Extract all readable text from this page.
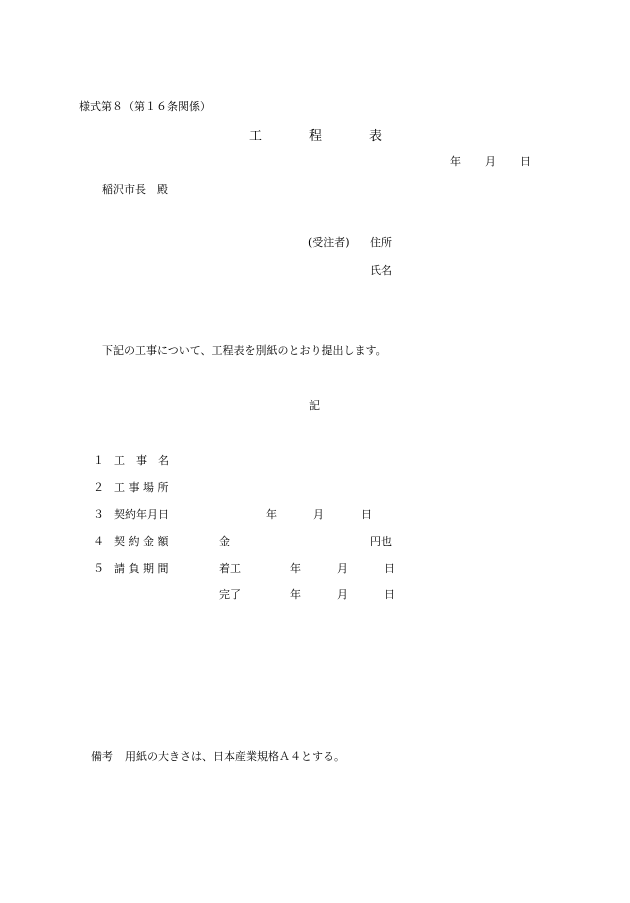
様式第８（第１６条関係）
工	程	表
年 月 日
稲沢市長　殿
(受注者) 住所
氏名
下記の工事について、工程表を別紙のとおり提出します。
記
１ 工　事　名
２ 工 事 場 所
３ 契約年月日	年	月	日
４ 契 約 金 額	金	円也
５ 請 負 期 間	着工	年	月	日
完了	年	月	日
備考 用紙の大きさは、日本産業規格Ａ４とする。
